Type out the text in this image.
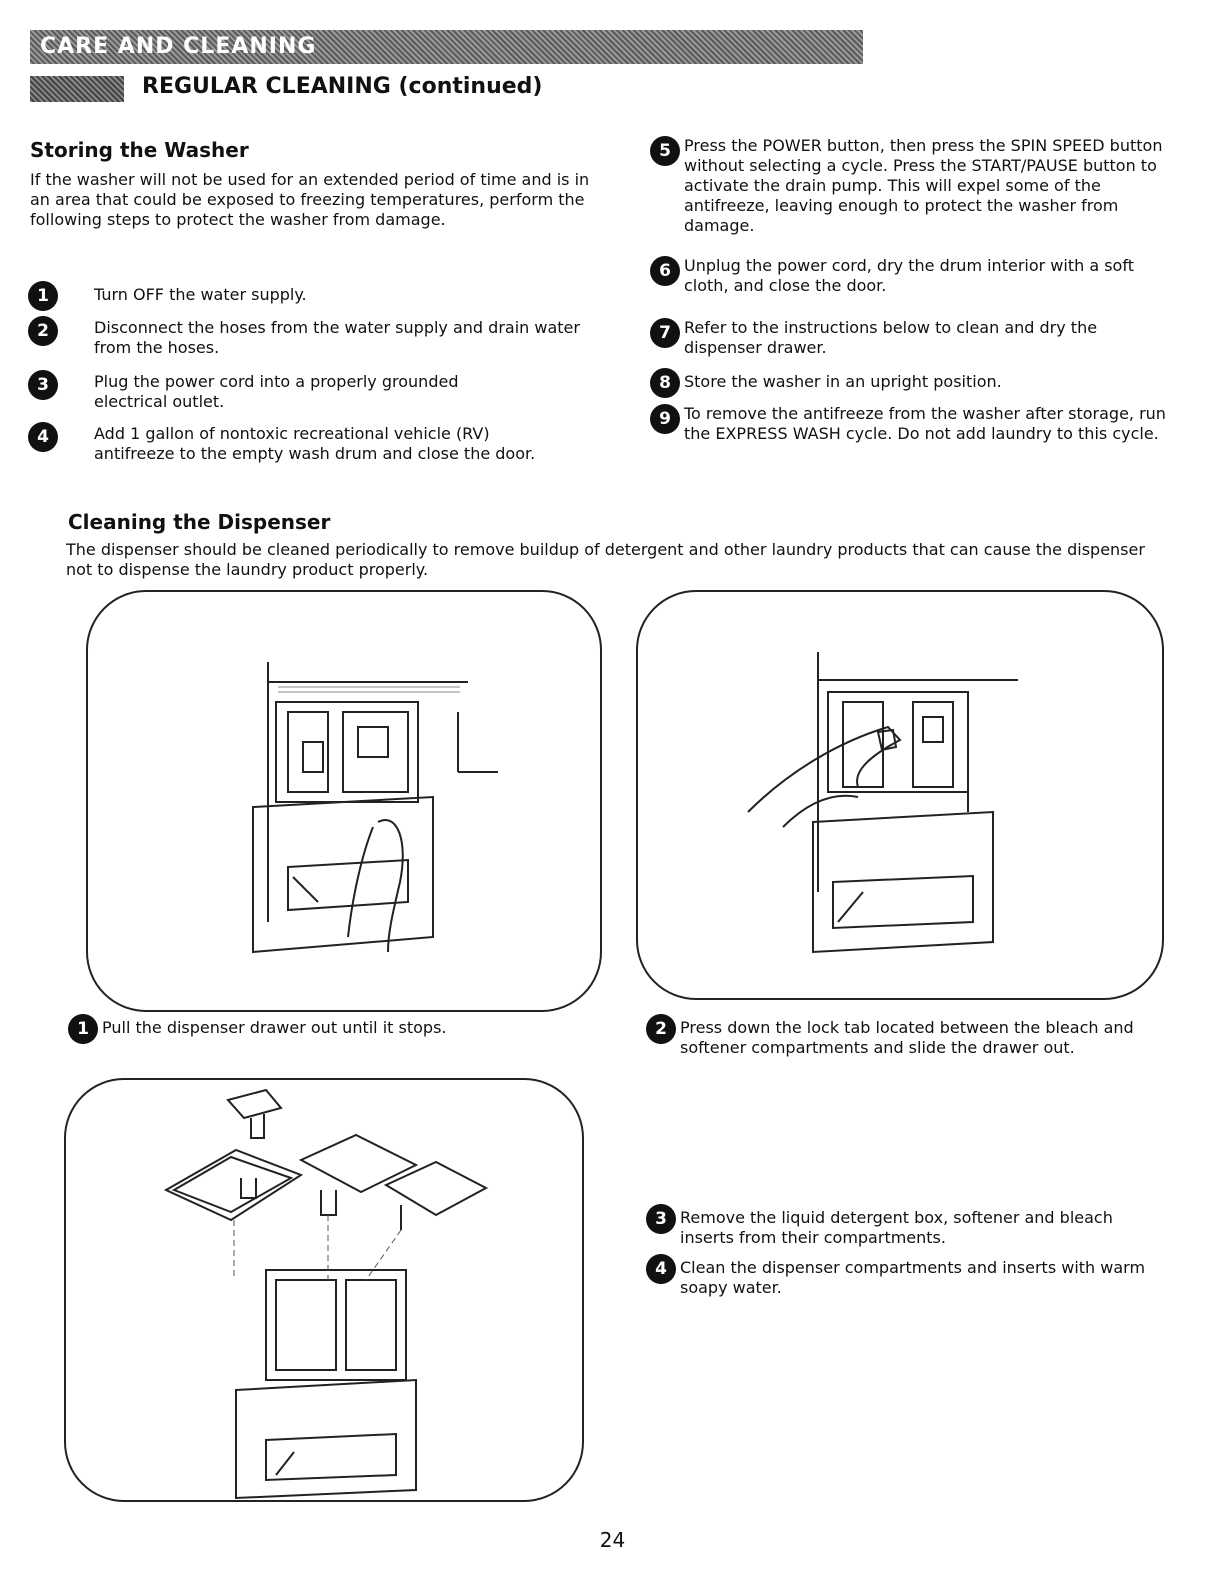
CARE AND CLEANING
REGULAR CLEANING (continued)
Storing the Washer

If the washer will not be used for an extended period of time and is in an area that could be exposed to freezing temperatures, perform the following steps to protect the washer from damage.

1	Turn OFF the water supply.
2	Disconnect the hoses from the water supply and drain water from the hoses.
3	Plug the power cord into a properly grounded electrical outlet.
4	Add 1 gallon of nontoxic recreational vehicle (RV) antifreeze to the empty wash drum and close the door.
5 Press the POWER button, then press the SPIN SPEED button without selecting a cycle. Press the START/PAUSE button to activate the drain pump. This will expel some of the antifreeze, leaving enough to protect the washer from damage.
6 Unplug the power cord, dry the drum interior with a soft cloth, and close the door.
7 Refer to the instructions below to clean and dry the dispenser drawer.
8 Store the washer in an upright position.
9 To remove the antifreeze from the washer after storage, run the EXPRESS WASH cycle. Do not add laundry to this cycle.
Cleaning the Dispenser

The dispenser should be cleaned periodically to remove buildup of detergent and other laundry products that can cause the dispenser not to dispense the laundry product properly.

1 Pull the dispenser drawer out until it stops.	2 Press down the lock tab located between the bleach and softener compartments and slide the drawer out.
3 Remove the liquid detergent box, softener and bleach inserts from their compartments.
4 Clean the dispenser compartments and inserts with warm soapy water.
24
